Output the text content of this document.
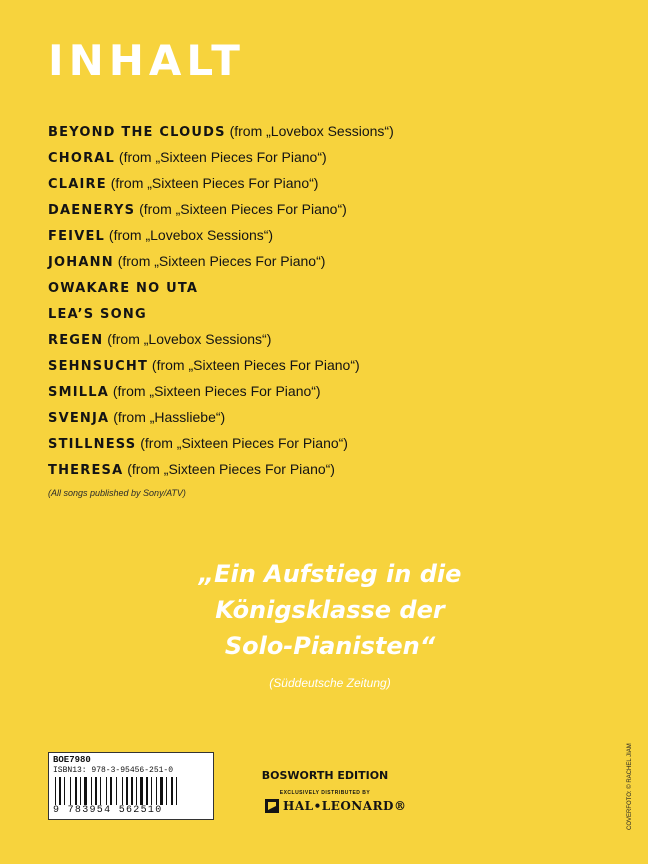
INHALT
BEYOND THE CLOUDS (from „Lovebox Sessions“)
CHORAL (from „Sixteen Pieces For Piano“)
CLAIRE (from „Sixteen Pieces For Piano“)
DAENERYS (from „Sixteen Pieces For Piano“)
FEIVEL (from „Lovebox Sessions“)
JOHANN (from „Sixteen Pieces For Piano“)
OWAKARE NO UTA
LEA’S SONG
REGEN (from „Lovebox Sessions“)
SEHNSUCHT (from „Sixteen Pieces For Piano“)
SMILLA (from „Sixteen Pieces For Piano“)
SVENJA (from „Hassliebe“)
STILLNESS (from „Sixteen Pieces For Piano“)
THERESA (from „Sixteen Pieces For Piano“)
(All songs published by Sony/ATV)
„Ein Aufstieg in die
Königsklasse der
Solo-Pianisten“
(Süddeutsche Zeitung)
BOE7980
ISBN13: 978-3-95456-251-0
9 783954 562510
BOSWORTH EDITION
EXCLUSIVELY DISTRIBUTED BY
HAL•LEONARD®	COVERFOTO: © RACHEL JIAM
